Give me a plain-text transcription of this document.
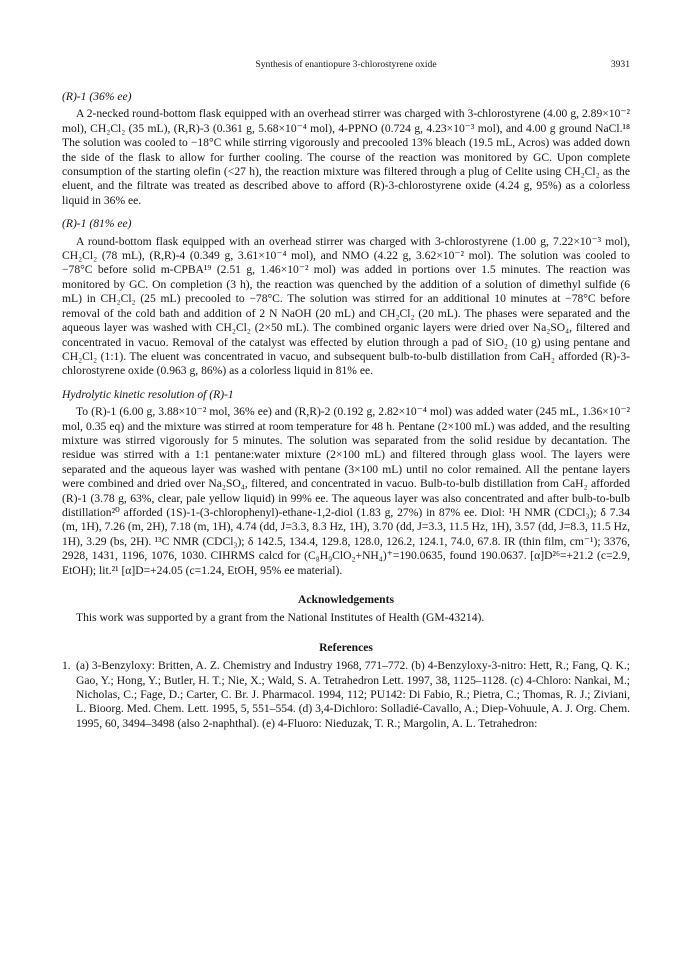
Synthesis of enantiopure 3-chlorostyrene oxide	3931
(R)-1 (36% ee)

A 2-necked round-bottom flask equipped with an overhead stirrer was charged with 3-chlorostyrene (4.00 g, 2.89×10⁻² mol), CH₂Cl₂ (35 mL), (R,R)-3 (0.361 g, 5.68×10⁻⁴ mol), 4-PPNO (0.724 g, 4.23×10⁻³ mol), and 4.00 g ground NaCl.¹⁸ The solution was cooled to −18°C while stirring vigorously and precooled 13% bleach (19.5 mL, Acros) was added down the side of the flask to allow for further cooling. The course of the reaction was monitored by GC. Upon complete consumption of the starting olefin (<27 h), the reaction mixture was filtered through a plug of Celite using CH₂Cl₂ as the eluent, and the filtrate was treated as described above to afford (R)-3-chlorostyrene oxide (4.24 g, 95%) as a colorless liquid in 36% ee.

(R)-1 (81% ee)

A round-bottom flask equipped with an overhead stirrer was charged with 3-chlorostyrene (1.00 g, 7.22×10⁻³ mol), CH₂Cl₂ (78 mL), (R,R)-4 (0.349 g, 3.61×10⁻⁴ mol), and NMO (4.22 g, 3.62×10⁻² mol). The solution was cooled to −78°C before solid m-CPBA¹⁹ (2.51 g, 1.46×10⁻² mol) was added in portions over 1.5 minutes. The reaction was monitored by GC. On completion (3 h), the reaction was quenched by the addition of a solution of dimethyl sulfide (6 mL) in CH₂Cl₂ (25 mL) precooled to −78°C. The solution was stirred for an additional 10 minutes at −78°C before removal of the cold bath and addition of 2 N NaOH (20 mL) and CH₂Cl₂ (20 mL). The phases were separated and the aqueous layer was washed with CH₂Cl₂ (2×50 mL). The combined organic layers were dried over Na₂SO₄, filtered and concentrated in vacuo. Removal of the catalyst was effected by elution through a pad of SiO₂ (10 g) using pentane and CH₂Cl₂ (1:1). The eluent was concentrated in vacuo, and subsequent bulb-to-bulb distillation from CaH₂ afforded (R)-3-chlorostyrene oxide (0.963 g, 86%) as a colorless liquid in 81% ee.

Hydrolytic kinetic resolution of (R)-1

To (R)-1 (6.00 g, 3.88×10⁻² mol, 36% ee) and (R,R)-2 (0.192 g, 2.82×10⁻⁴ mol) was added water (245 mL, 1.36×10⁻² mol, 0.35 eq) and the mixture was stirred at room temperature for 48 h. Pentane (2×100 mL) was added, and the resulting mixture was stirred vigorously for 5 minutes. The solution was separated from the solid residue by decantation. The residue was stirred with a 1:1 pentane:water mixture (2×100 mL) and filtered through glass wool. The layers were separated and the aqueous layer was washed with pentane (3×100 mL) until no color remained. All the pentane layers were combined and dried over Na₂SO₄, filtered, and concentrated in vacuo. Bulb-to-bulb distillation from CaH₂ afforded (R)-1 (3.78 g, 63%, clear, pale yellow liquid) in 99% ee. The aqueous layer was also concentrated and after bulb-to-bulb distillation²⁰ afforded (1S)-1-(3-chlorophenyl)-ethane-1,2-diol (1.83 g, 27%) in 87% ee. Diol: ¹H NMR (CDCl₃); δ 7.34 (m, 1H), 7.26 (m, 2H), 7.18 (m, 1H), 4.74 (dd, J=3.3, 8.3 Hz, 1H), 3.70 (dd, J=3.3, 11.5 Hz, 1H), 3.57 (dd, J=8.3, 11.5 Hz, 1H), 3.29 (bs, 2H). ¹³C NMR (CDCl₃); δ 142.5, 134.4, 129.8, 128.0, 126.2, 124.1, 74.0, 67.8. IR (thin film, cm⁻¹); 3376, 2928, 1431, 1196, 1076, 1030. CIHRMS calcd for (C₈H₉ClO₂+NH₄)⁺=190.0635, found 190.0637. [α]D²⁶=+21.2 (c=2.9, EtOH); lit.²¹ [α]D=+24.05 (c=1.24, EtOH, 95% ee material).

Acknowledgements

This work was supported by a grant from the National Institutes of Health (GM-43214).

References
1. (a) 3-Benzyloxy: Britten, A. Z. Chemistry and Industry 1968, 771–772. (b) 4-Benzyloxy-3-nitro: Hett, R.; Fang, Q. K.; Gao, Y.; Hong, Y.; Butler, H. T.; Nie, X.; Wald, S. A. Tetrahedron Lett. 1997, 38, 1125–1128. (c) 4-Chloro: Nankai, M.; Nicholas, C.; Fage, D.; Carter, C. Br. J. Pharmacol. 1994, 112; PU142: Di Fabio, R.; Pietra, C.; Thomas, R. J.; Ziviani, L. Bioorg. Med. Chem. Lett. 1995, 5, 551–554. (d) 3,4-Dichloro: Solladié-Cavallo, A.; Diep-Vohuule, A. J. Org. Chem. 1995, 60, 3494–3498 (also 2-naphthal). (e) 4-Fluoro: Nieduzak, T. R.; Margolin, A. L. Tetrahedron:
